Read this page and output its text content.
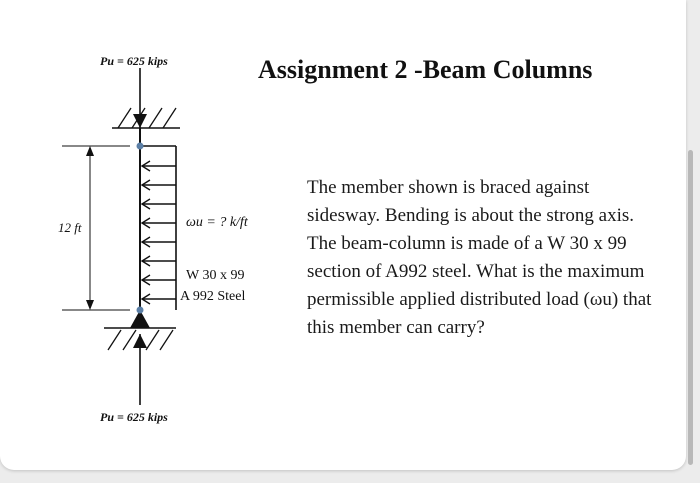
Pu = 625 kips
Pu = 625 kips
12 ft	ωu = ? k/ft
W 30 x 99
A 992 Steel
Assignment 2 -Beam Columns
The member shown is braced against sidesway. Bending is about the strong axis. The beam-column is made of a W 30 x 99 section of A992 steel. What is the maximum permissible applied distributed load (ωu) that this member can carry?
